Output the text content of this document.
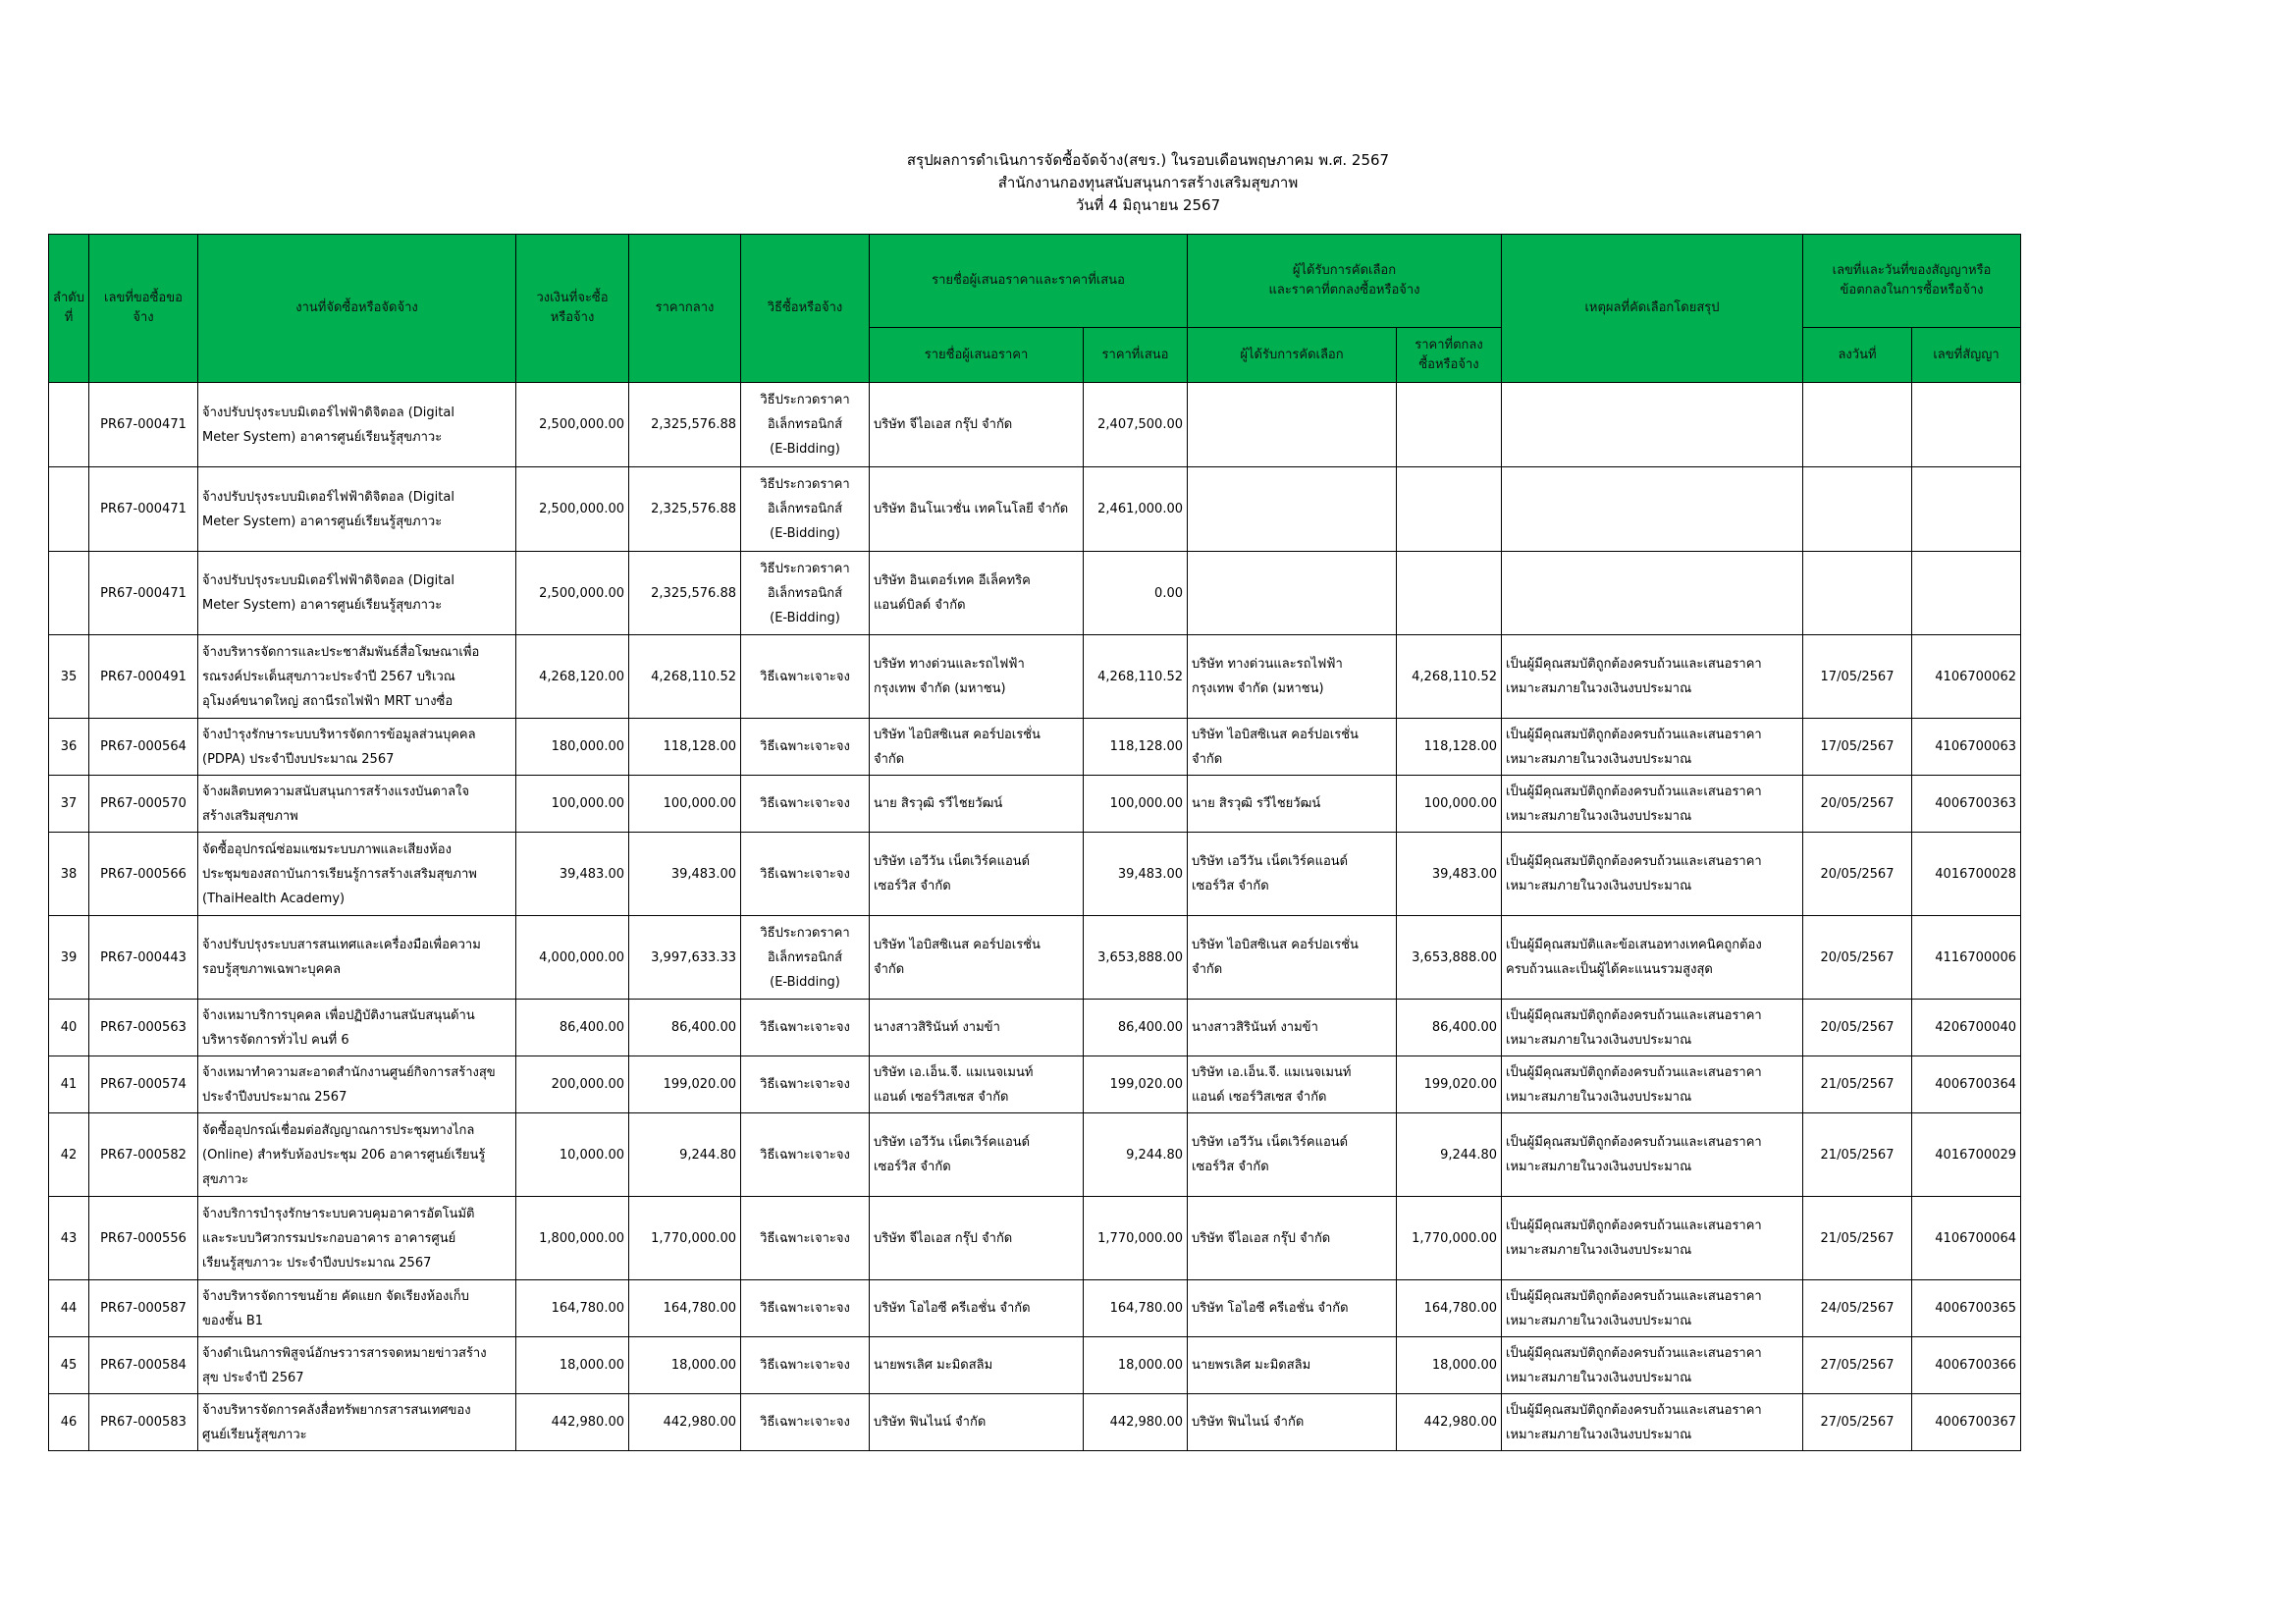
สรุปผลการดำเนินการจัดซื้อจัดจ้าง(สขร.) ในรอบเดือนพฤษภาคม พ.ศ. 2567
สำนักงานกองทุนสนับสนุนการสร้างเสริมสุขภาพ
วันที่ 4 มิถุนายน 2567
ลำดับ
ที่	เลขที่ขอซื้อขอ
จ้าง	งานที่จัดซื้อหรือจัดจ้าง	วงเงินที่จะซื้อ
หรือจ้าง	ราคากลาง	วิธีซื้อหรือจ้าง	รายชื่อผู้เสนอราคาและราคาที่เสนอ		ผู้ได้รับการคัดเลือก
และราคาที่ตกลงซื้อหรือจ้าง		เหตุผลที่คัดเลือกโดยสรุป	เลขที่และวันที่ของสัญญาหรือ
ข้อตกลงในการซื้อหรือจ้าง	
						รายชื่อผู้เสนอราคา	ราคาที่เสนอ	ผู้ได้รับการคัดเลือก	ราคาที่ตกลง
ซื้อหรือจ้าง		ลงวันที่	เลขที่สัญญา
	PR67-000471	จ้างปรับปรุงระบบมิเตอร์ไฟฟ้าดิจิตอล (Digital
Meter System) อาคารศูนย์เรียนรู้สุขภาวะ	2,500,000.00	2,325,576.88	วิธีประกวดราคา
อิเล็กทรอนิกส์
(E-Bidding)	บริษัท จีไอเอส กรุ๊ป จำกัด	2,407,500.00					
	PR67-000471	จ้างปรับปรุงระบบมิเตอร์ไฟฟ้าดิจิตอล (Digital
Meter System) อาคารศูนย์เรียนรู้สุขภาวะ	2,500,000.00	2,325,576.88	วิธีประกวดราคา
อิเล็กทรอนิกส์
(E-Bidding)	บริษัท อินโนเวชั่น เทคโนโลยี จำกัด	2,461,000.00					
	PR67-000471	จ้างปรับปรุงระบบมิเตอร์ไฟฟ้าดิจิตอล (Digital
Meter System) อาคารศูนย์เรียนรู้สุขภาวะ	2,500,000.00	2,325,576.88	วิธีประกวดราคา
อิเล็กทรอนิกส์
(E-Bidding)	บริษัท อินเตอร์เทค อีเล็คทริค
แอนด์บิลด์ จำกัด	0.00					
35	PR67-000491	จ้างบริหารจัดการและประชาสัมพันธ์สื่อโฆษณาเพื่อ
รณรงค์ประเด็นสุขภาวะประจำปี 2567 บริเวณ
อุโมงค์ขนาดใหญ่ สถานีรถไฟฟ้า MRT บางซื่อ	4,268,120.00	4,268,110.52	วิธีเฉพาะเจาะจง	บริษัท ทางด่วนและรถไฟฟ้า
กรุงเทพ จำกัด (มหาชน)	4,268,110.52	บริษัท ทางด่วนและรถไฟฟ้า
กรุงเทพ จำกัด (มหาชน)	4,268,110.52	เป็นผู้มีคุณสมบัติถูกต้องครบถ้วนและเสนอราคา
เหมาะสมภายในวงเงินงบประมาณ	17/05/2567	4106700062
36	PR67-000564	จ้างบำรุงรักษาระบบบริหารจัดการข้อมูลส่วนบุคคล
(PDPA) ประจำปีงบประมาณ 2567	180,000.00	118,128.00	วิธีเฉพาะเจาะจง	บริษัท ไอบิสซิเนส คอร์ปอเรชั่น
จำกัด	118,128.00	บริษัท ไอบิสซิเนส คอร์ปอเรชั่น
จำกัด	118,128.00	เป็นผู้มีคุณสมบัติถูกต้องครบถ้วนและเสนอราคา
เหมาะสมภายในวงเงินงบประมาณ	17/05/2567	4106700063
37	PR67-000570	จ้างผลิตบทความสนับสนุนการสร้างแรงบันดาลใจ
สร้างเสริมสุขภาพ	100,000.00	100,000.00	วิธีเฉพาะเจาะจง	นาย สิรวุฒิ รวีไชยวัฒน์	100,000.00	นาย สิรวุฒิ รวีไชยวัฒน์	100,000.00	เป็นผู้มีคุณสมบัติถูกต้องครบถ้วนและเสนอราคา
เหมาะสมภายในวงเงินงบประมาณ	20/05/2567	4006700363
38	PR67-000566	จัดซื้ออุปกรณ์ซ่อมแซมระบบภาพและเสียงห้อง
ประชุมของสถาบันการเรียนรู้การสร้างเสริมสุขภาพ
(ThaiHealth Academy)	39,483.00	39,483.00	วิธีเฉพาะเจาะจง	บริษัท เอวีวัน เน็ตเวิร์คแอนด์
เซอร์วิส จำกัด	39,483.00	บริษัท เอวีวัน เน็ตเวิร์คแอนด์
เซอร์วิส จำกัด	39,483.00	เป็นผู้มีคุณสมบัติถูกต้องครบถ้วนและเสนอราคา
เหมาะสมภายในวงเงินงบประมาณ	20/05/2567	4016700028
39	PR67-000443	จ้างปรับปรุงระบบสารสนเทศและเครื่องมือเพื่อความ
รอบรู้สุขภาพเฉพาะบุคคล	4,000,000.00	3,997,633.33	วิธีประกวดราคา
อิเล็กทรอนิกส์
(E-Bidding)	บริษัท ไอบิสซิเนส คอร์ปอเรชั่น
จำกัด	3,653,888.00	บริษัท ไอบิสซิเนส คอร์ปอเรชั่น
จำกัด	3,653,888.00	เป็นผู้มีคุณสมบัติและข้อเสนอทางเทคนิคถูกต้อง
ครบถ้วนและเป็นผู้ได้คะแนนรวมสูงสุด	20/05/2567	4116700006
40	PR67-000563	จ้างเหมาบริการบุคคล เพื่อปฏิบัติงานสนับสนุนด้าน
บริหารจัดการทั่วไป คนที่ 6	86,400.00	86,400.00	วิธีเฉพาะเจาะจง	นางสาวสิรินันท์ งามข้า	86,400.00	นางสาวสิรินันท์ งามข้า	86,400.00	เป็นผู้มีคุณสมบัติถูกต้องครบถ้วนและเสนอราคา
เหมาะสมภายในวงเงินงบประมาณ	20/05/2567	4206700040
41	PR67-000574	จ้างเหมาทำความสะอาดสำนักงานศูนย์กิจการสร้างสุข
ประจำปีงบประมาณ 2567	200,000.00	199,020.00	วิธีเฉพาะเจาะจง	บริษัท เอ.เอ็น.จี. แมเนจเมนท์
แอนด์ เซอร์วิสเซส จำกัด	199,020.00	บริษัท เอ.เอ็น.จี. แมเนจเมนท์
แอนด์ เซอร์วิสเซส จำกัด	199,020.00	เป็นผู้มีคุณสมบัติถูกต้องครบถ้วนและเสนอราคา
เหมาะสมภายในวงเงินงบประมาณ	21/05/2567	4006700364
42	PR67-000582	จัดซื้ออุปกรณ์เชื่อมต่อสัญญาณการประชุมทางไกล
(Online) สำหรับห้องประชุม 206 อาคารศูนย์เรียนรู้
สุขภาวะ	10,000.00	9,244.80	วิธีเฉพาะเจาะจง	บริษัท เอวีวัน เน็ตเวิร์คแอนด์
เซอร์วิส จำกัด	9,244.80	บริษัท เอวีวัน เน็ตเวิร์คแอนด์
เซอร์วิส จำกัด	9,244.80	เป็นผู้มีคุณสมบัติถูกต้องครบถ้วนและเสนอราคา
เหมาะสมภายในวงเงินงบประมาณ	21/05/2567	4016700029
43	PR67-000556	จ้างบริการบำรุงรักษาระบบควบคุมอาคารอัตโนมัติ
และระบบวิศวกรรมประกอบอาคาร อาคารศูนย์
เรียนรู้สุขภาวะ ประจำปีงบประมาณ 2567	1,800,000.00	1,770,000.00	วิธีเฉพาะเจาะจง	บริษัท จีไอเอส กรุ๊ป จำกัด	1,770,000.00	บริษัท จีไอเอส กรุ๊ป จำกัด	1,770,000.00	เป็นผู้มีคุณสมบัติถูกต้องครบถ้วนและเสนอราคา
เหมาะสมภายในวงเงินงบประมาณ	21/05/2567	4106700064
44	PR67-000587	จ้างบริหารจัดการขนย้าย คัดแยก จัดเรียงห้องเก็บ
ของชั้น B1	164,780.00	164,780.00	วิธีเฉพาะเจาะจง	บริษัท โอไอซี ครีเอชั่น จำกัด	164,780.00	บริษัท โอไอซี ครีเอชั่น จำกัด	164,780.00	เป็นผู้มีคุณสมบัติถูกต้องครบถ้วนและเสนอราคา
เหมาะสมภายในวงเงินงบประมาณ	24/05/2567	4006700365
45	PR67-000584	จ้างดำเนินการพิสูจน์อักษรวารสารจดหมายข่าวสร้าง
สุข ประจำปี 2567	18,000.00	18,000.00	วิธีเฉพาะเจาะจง	นายพรเลิศ มะมิดสลิม	18,000.00	นายพรเลิศ มะมิดสลิม	18,000.00	เป็นผู้มีคุณสมบัติถูกต้องครบถ้วนและเสนอราคา
เหมาะสมภายในวงเงินงบประมาณ	27/05/2567	4006700366
46	PR67-000583	จ้างบริหารจัดการคลังสื่อทรัพยากรสารสนเทศของ
ศูนย์เรียนรู้สุขภาวะ	442,980.00	442,980.00	วิธีเฉพาะเจาะจง	บริษัท ฟินไนน์ จำกัด	442,980.00	บริษัท ฟินไนน์ จำกัด	442,980.00	เป็นผู้มีคุณสมบัติถูกต้องครบถ้วนและเสนอราคา
เหมาะสมภายในวงเงินงบประมาณ	27/05/2567	4006700367
